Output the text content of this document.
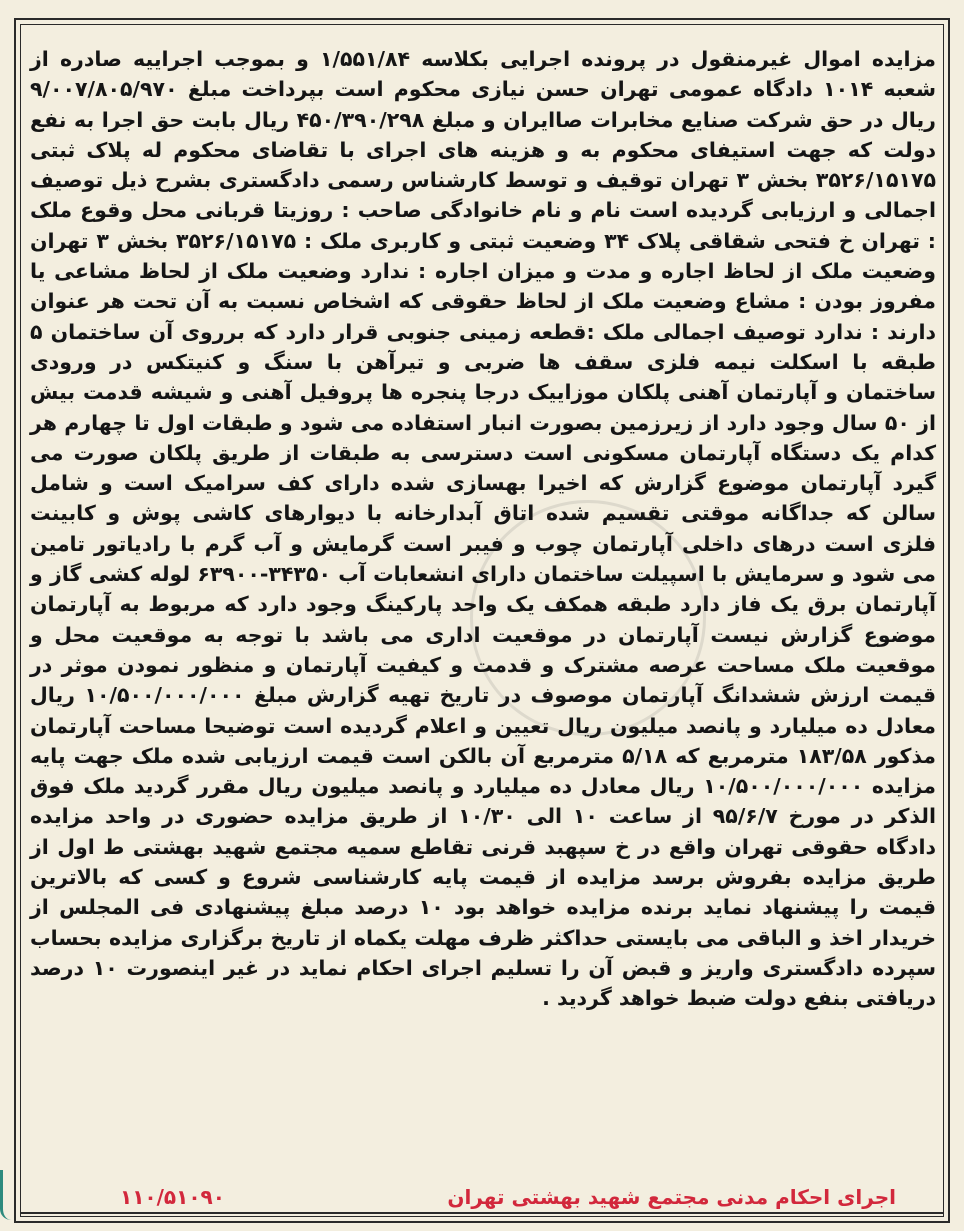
مزایده اموال غیرمنقول در پرونده اجرایی بکلاسه ۱/۵۵۱/۸۴ و بموجب اجراییه صادره از شعبه ۱۰۱۴ دادگاه عمومی تهران حسن نیازی محکوم است بپرداخت مبلغ ۹/۰۰۷/۸۰۵/۹۷۰ ریال در حق شرکت صنایع مخابرات صاایران و مبلغ ۴۵۰/۳۹۰/۲۹۸ ریال بابت حق اجرا به نفع دولت که جهت استیفای محکوم به و هزینه های اجرای با تقاضای محکوم له پلاک ثبتی ۳۵۲۶/۱۵۱۷۵ بخش ۳ تهران توقیف و توسط کارشناس رسمی دادگستری بشرح ذیل توصیف اجمالی و ارزیابی گردیده است نام و نام خانوادگی صاحب : روزیتا قربانی محل وقوع ملک : تهران خ فتحی شقاقی پلاک ۳۴ وضعیت ثبتی و کاربری ملک : ۳۵۲۶/۱۵۱۷۵ بخش ۳ تهران وضعیت ملک از لحاظ اجاره و مدت و میزان اجاره : ندارد وضعیت ملک از لحاظ مشاعی یا مفروز بودن : مشاع وضعیت ملک از لحاظ حقوقی که اشخاص نسبت به آن تحت هر عنوان دارند : ندارد توصیف اجمالی ملک :قطعه زمینی جنوبی قرار دارد که برروی آن ساختمان ۵ طبقه با اسکلت نیمه فلزی سقف ها ضربی و تیرآهن با سنگ و کنیتکس در ورودی ساختمان و آپارتمان آهنی پلکان موزاییک درجا پنجره ها پروفیل آهنی و شیشه قدمت بیش از ۵۰ سال وجود دارد از زیرزمین بصورت انبار استفاده می شود و طبقات اول تا چهارم هر کدام یک دستگاه آپارتمان مسکونی است دسترسی به طبقات از طریق پلکان صورت می گیرد آپارتمان موضوع گزارش که اخیرا بهسازی شده دارای کف سرامیک است و شامل سالن که جداگانه موقتی تقسیم شده اتاق آبدارخانه با دیوارهای کاشی پوش و کابینت فلزی است درهای داخلی آپارتمان چوب و فیبر است گرمایش و آب گرم با رادیاتور تامین می شود و سرمایش با اسپیلت ساختمان دارای انشعابات آب ۳۴۳۵۰-۶۳۹۰۰ لوله کشی گاز و آپارتمان برق یک فاز دارد طبقه همکف یک واحد پارکینگ وجود دارد که مربوط به آپارتمان موضوع گزارش نیست آپارتمان در موقعیت اداری می باشد با توجه به موقعیت محل و موقعیت ملک مساحت عرصه مشترک و قدمت و کیفیت آپارتمان و منظور نمودن موثر در قیمت ارزش ششدانگ آپارتمان موصوف در تاریخ تهیه گزارش مبلغ ۱۰/۵۰۰/۰۰۰/۰۰۰ ریال معادل ده میلیارد و پانصد میلیون ریال تعیین و اعلام گردیده است توضیحا مساحت آپارتمان مذکور ۱۸۳/۵۸ مترمربع که ۵/۱۸ مترمربع آن بالکن است قیمت ارزیابی شده ملک جهت پایه مزایده ۱۰/۵۰۰/۰۰۰/۰۰۰ ریال معادل ده میلیارد و پانصد میلیون ریال مقرر گردید ملک فوق الذکر در مورخ ۹۵/۶/۷ از ساعت ۱۰ الی ۱۰/۳۰ از طریق مزایده حضوری در واحد مزایده دادگاه حقوقی تهران واقع در خ سپهبد قرنی تقاطع سمیه مجتمع شهید بهشتی ط اول از طریق مزایده بفروش برسد مزایده از قیمت پایه کارشناسی شروع و کسی که بالاترین قیمت را پیشنهاد نماید برنده مزایده خواهد بود ۱۰ درصد مبلغ پیشنهادی فی المجلس از خریدار اخذ و الباقی می بایستی حداکثر ظرف مهلت یکماه از تاریخ برگزاری مزایده بحساب سپرده دادگستری واریز و قبض آن را تسلیم اجرای احکام نماید در غیر اینصورت ۱۰ درصد دریافتی بنفع دولت ضبط خواهد گردید .

اجرای احکام مدنی مجتمع شهید بهشتی تهران
۱۱۰/۵۱۰۹۰
